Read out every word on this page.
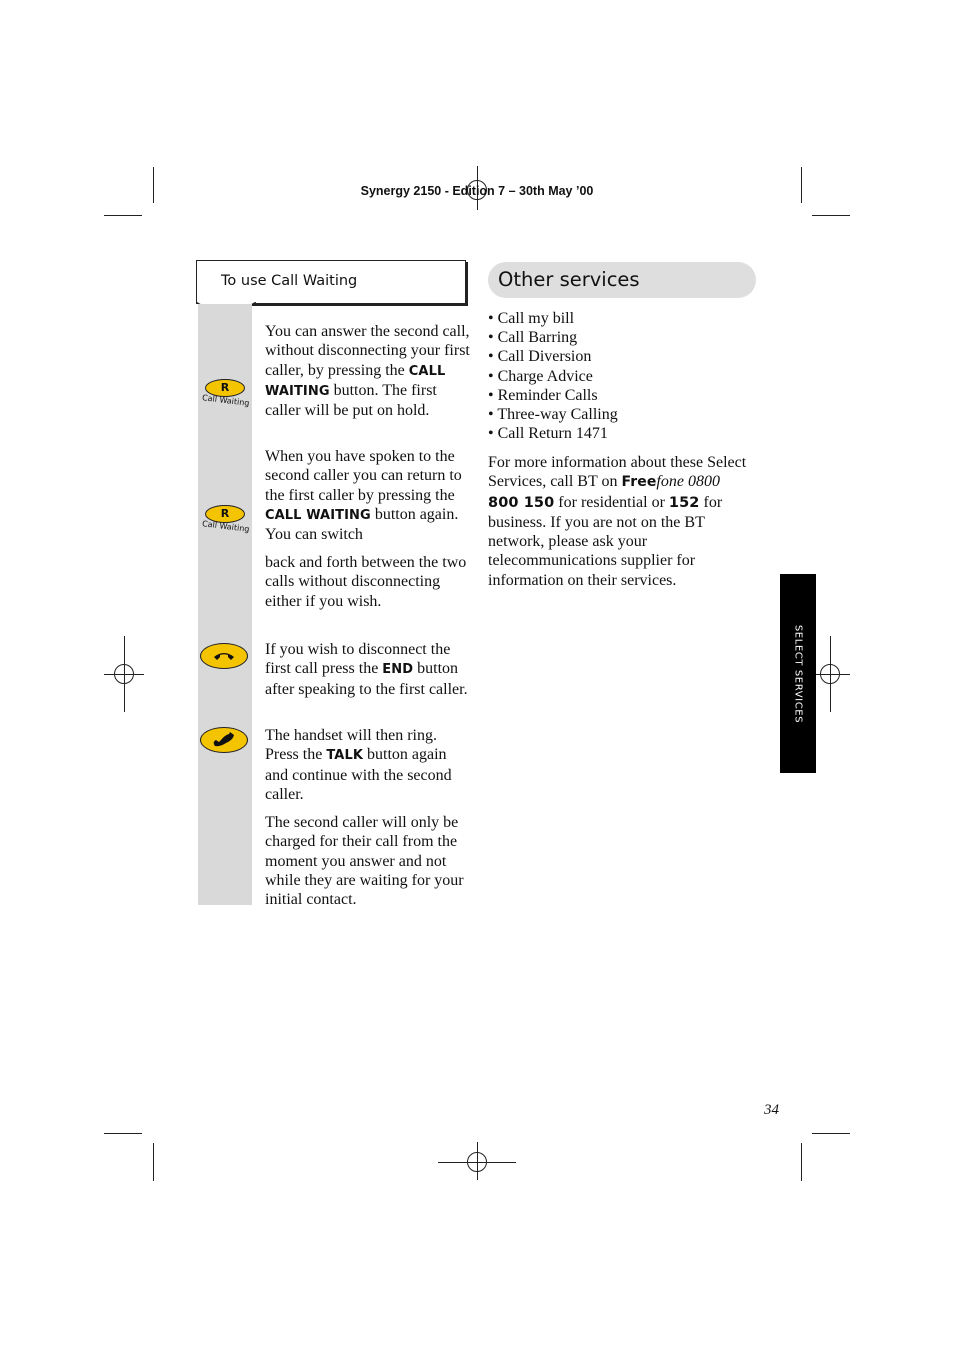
Synergy 2150 - Edition 7 – 30th May ’00
To use Call Waiting
R
Call Waiting
R
Call Waiting

You can answer the second call, without disconnecting your first caller, by pressing the CALL WAITING button. The first caller will be put on hold.

When you have spoken to the second caller you can return to the first caller by pressing the CALL WAITING button again. You can switch

back and forth between the two calls without disconnecting either if you wish.

If you wish to disconnect the first call press the END button after speaking to the first caller.

The handset will then ring. Press the TALK button again and continue with the second caller.

The second caller will only be charged for their call from the moment you answer and not while they are waiting for your initial contact.

Other services
• Call my bill
• Call Barring
• Call Diversion
• Charge Advice
• Reminder Calls
• Three-way Calling
• Call Return 1471

For more information about these Select Services, call BT on Freefone 0800 800 150 for residential or 152 for business. If you are not on the BT network, please ask your telecommunications supplier for information on their services.

SELECT SERVICES
34
